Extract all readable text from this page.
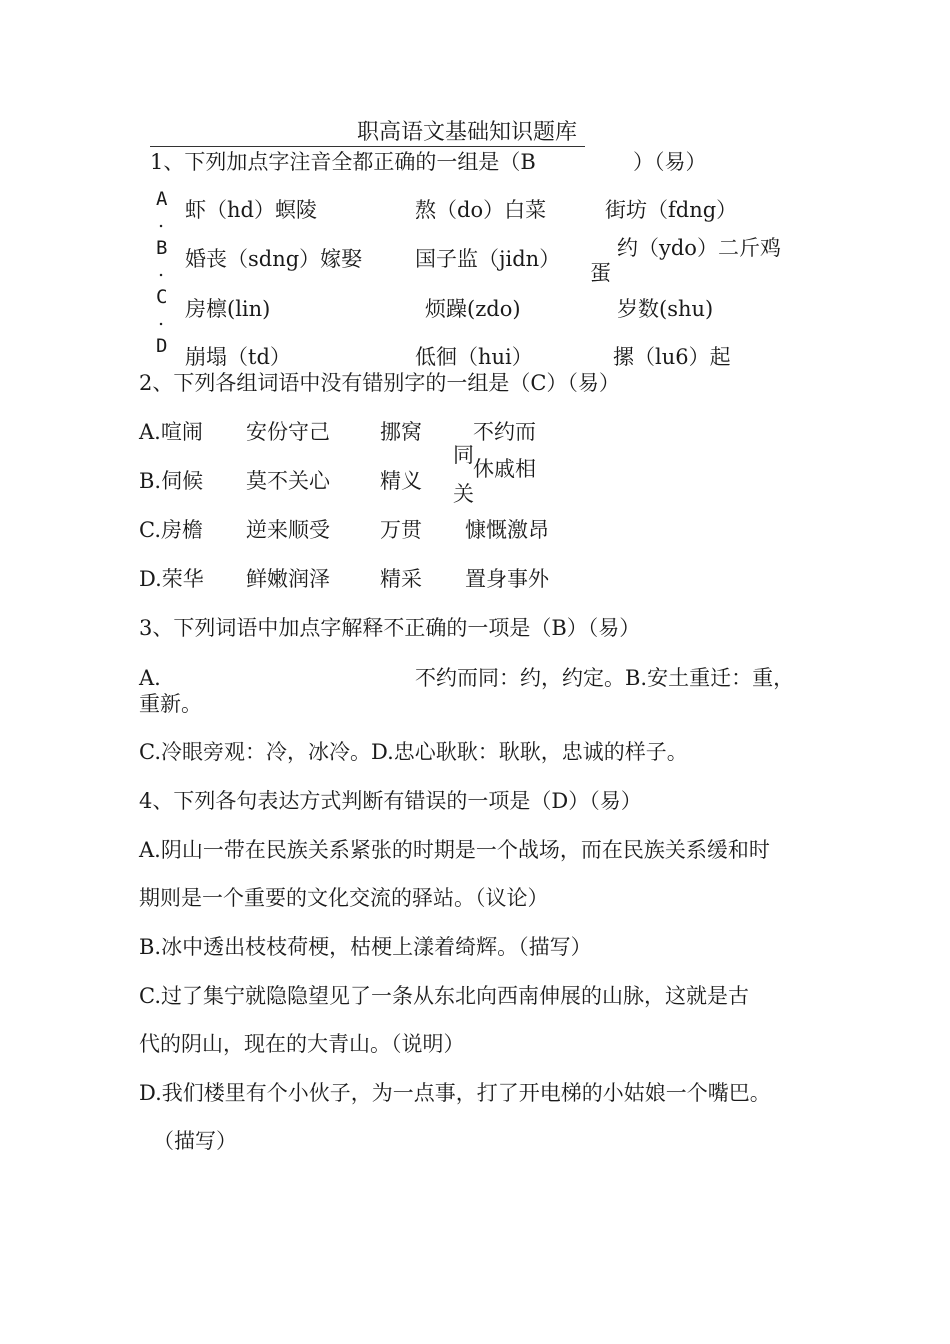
职高语文基础知识题库
1、下列加点字注音全都正确的一组是（B	）（易）
A
. 虾（hd）螟陵	熬（do）白菜	街坊（fdng）
B
. 婚丧（sdng）嫁娶	国子监（jidn）	约（ydo）二斤鸡
蛋
C
. 房檩(lin)	烦躁(zdo)	岁数(shu)
D 崩塌（td）	低徊（hui）	摞（lu6）起
2、下列各组词语中没有错别字的一组是（C）（易）
A.喧闹 安份守己 挪窝 不约而
同
B.伺候 莫不关心 精义 休戚相
关
C.房檐 逆来顺受 万贯 慷慨激昂
D.荣华 鲜嫩润泽 精采 置身事外
3、下列词语中加点字解释不正确的一项是（B）（易）
A.	不约而同：约，约定。B.安土重迁：重，
重新。
C.冷眼旁观：冷，冰冷。D.忠心耿耿：耿耿，忠诚的样子。
4、下列各句表达方式判断有错误的一项是（D）（易）
A.阴山一带在民族关系紧张的时期是一个战场，而在民族关系缓和时
期则是一个重要的文化交流的驿站。（议论）
B.冰中透出枝枝荷梗，枯梗上漾着绮辉。（描写）
C.过了集宁就隐隐望见了一条从东北向西南伸展的山脉，这就是古
代的阴山，现在的大青山。（说明）
D.我们楼里有个小伙子，为一点事，打了开电梯的小姑娘一个嘴巴。
（描写）
